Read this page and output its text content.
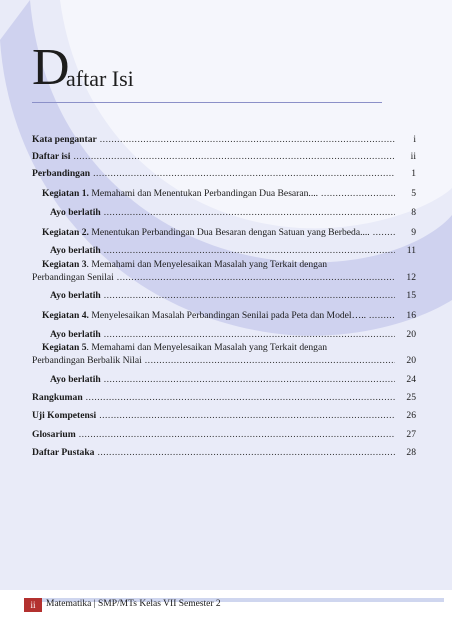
D
aftar Isi
Kata pengantar .....	i
Daftar isi .....	ii
Perbandingan .....	1
Kegiatan 1. Memahami dan Menentukan Perbandingan Dua Besaran.... .....	5
Ayo berlatih .....	8
Kegiatan 2. Menentukan Perbandingan Dua Besaran dengan Satuan yang Berbeda.... .....	9
Ayo berlatih .....	11
Kegiatan 3. Memahami dan Menyelesaikan Masalah yang Terkait dengan
Perbandingan Senilai .....	12
Ayo berlatih .....	15
Kegiatan 4. Menyelesaikan Masalah Perbandingan Senilai pada Peta dan Model….. .....	16
Ayo berlatih .....	20
Kegiatan 5. Memahami dan Menyelesaikan Masalah yang Terkait dengan
Perbandingan Berbalik Nilai .....	20
Ayo berlatih .....	24
Rangkuman .....	25
Uji Kompetensi .....	26
Glosarium .....	27
Daftar Pustaka .....	28
ii	Matematika | SMP/MTs Kelas VII Semester 2
